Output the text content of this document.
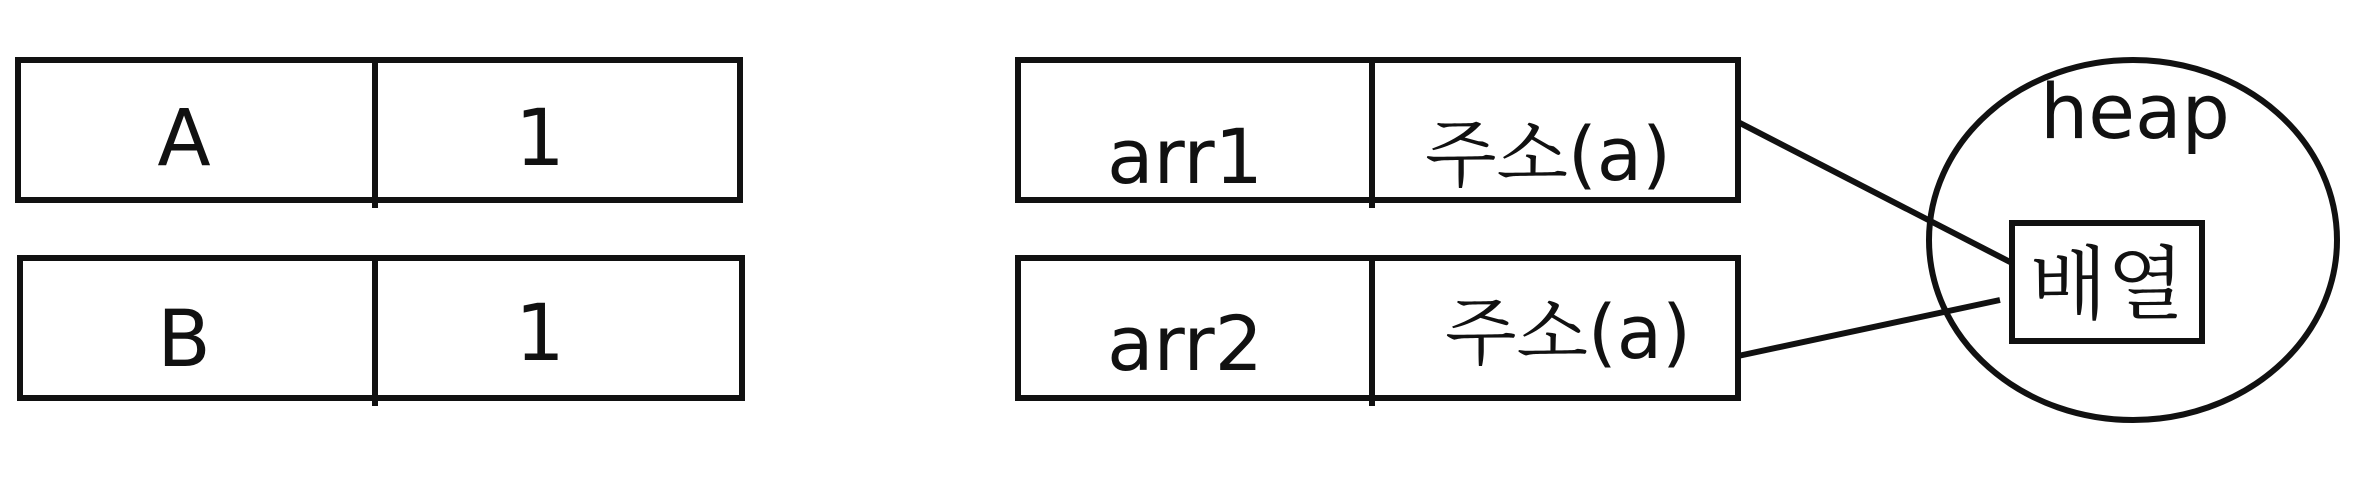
A	1
B	1
arr1 주소(a)
arr2 주소(a)
heap
배열
